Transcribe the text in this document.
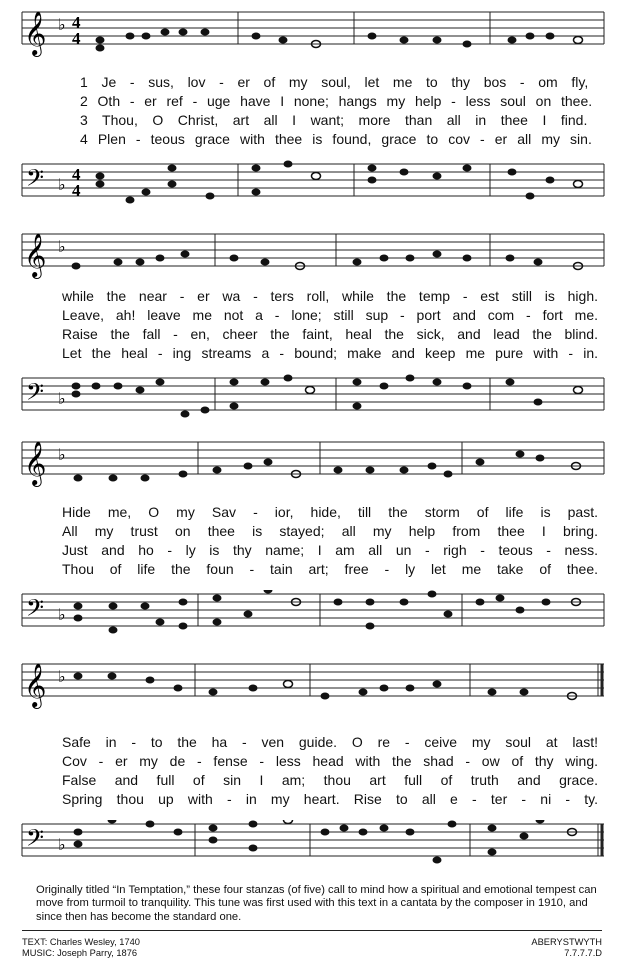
𝄞 ♭ 4
4
1 Je - sus, lov - er of my soul, let me to thy bos - om fly,
2 Oth - er ref - uge have I none; hangs my help - less soul on thee.
3 Thou, O Christ, art all I want; more than all in thee I find.
4 Plen - teous grace with thee is found, grace to cov - er all my sin.
𝄢 ♭
4
4
𝄞 ♭
while the near - er wa - ters roll, while the temp - est still is high.
Leave, ah! leave me not a - lone; still sup - port and com - fort me.
Raise the fall - en, cheer the faint, heal the sick, and lead the blind.
Let the heal - ing streams a - bound; make and keep me pure with - in.
𝄢 ♭
𝄞 ♭
Hide me, O my Sav - ior, hide, till the storm of life is past.
All my trust on thee is stayed; all my help from thee I bring.
Just and ho - ly is thy name; I am all un - righ - teous - ness.
Thou of life the foun - tain art; free - ly let me take of thee.
𝄢 ♭
𝄞 ♭
Safe in - to the ha - ven guide. O re - ceive my soul at last!
Cov - er my de - fense - less head with the shad - ow of thy wing.
False and full of sin I am; thou art full of truth and grace.
Spring thou up with - in my heart. Rise to all e - ter - ni - ty.
𝄢 ♭
Originally titled “In Temptation,” these four stanzas (of five) call to mind how a spiritual and emotional tempest can move from turmoil to tranquility. This tune was first used with this text in a cantata by the composer in 1910, and since then has become the standard one.
TEXT: Charles Wesley, 1740
MUSIC: Joseph Parry, 1876
ABERYSTWYTH
7.7.7.7.D
